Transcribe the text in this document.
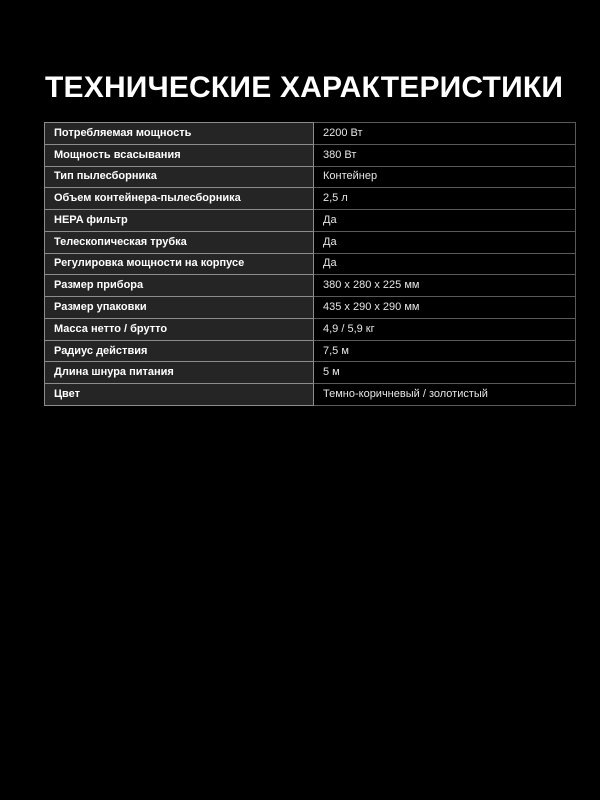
ТЕХНИЧЕСКИЕ ХАРАКТЕРИСТИКИ
Потребляемая мощность	2200 Вт
Мощность всасывания	380 Вт
Тип пылесборника	Контейнер
Объем контейнера-пылесборника	2,5 л
HEPA фильтр	Да
Телескопическая трубка	Да
Регулировка мощности на корпусе	Да
Размер прибора	380 x 280 x 225 мм
Размер упаковки	435 x 290 x 290 мм
Масса нетто / брутто	4,9 / 5,9 кг
Радиус действия	7,5 м
Длина шнура питания	5 м
Цвет	Темно-коричневый / золотистый
